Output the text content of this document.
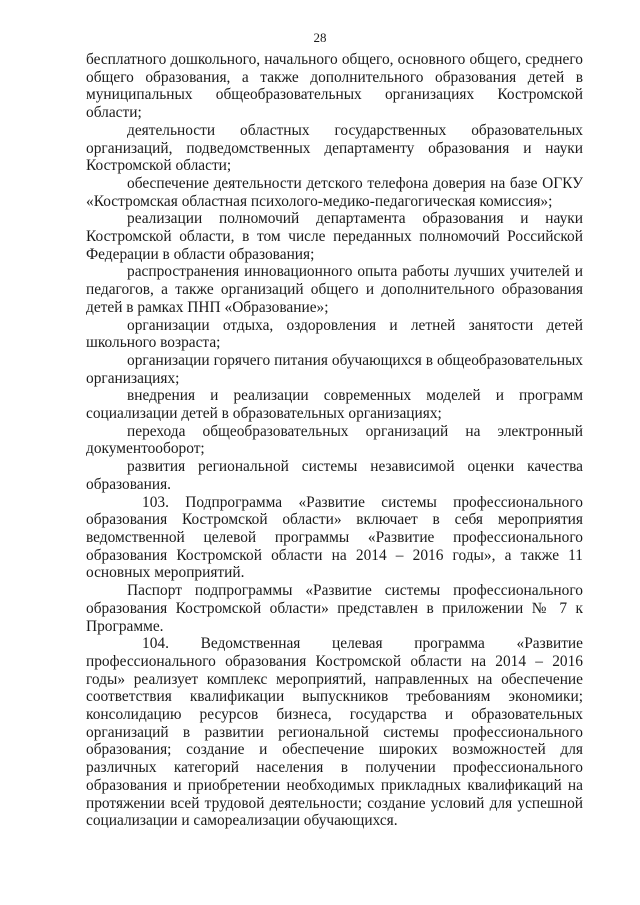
28

бесплатного дошкольного, начального общего, основного общего, среднего общего образования, а также дополнительного образования детей в муниципальных общеобразовательных организациях Костромской области;

деятельности областных государственных образовательных организаций, подведомственных департаменту образования и науки Костромской области;

обеспечение деятельности детского телефона доверия на базе ОГКУ «Костромская областная психолого-медико-педагогическая комиссия»;

реализации полномочий департамента образования и науки Костромской области, в том числе переданных полномочий Российской Федерации в области образования;

распространения инновационного опыта работы лучших учителей и педагогов, а также организаций общего и дополнительного образования детей в рамках ПНП «Образование»;

организации отдыха, оздоровления и летней занятости детей школьного возраста;

организации горячего питания обучающихся в общеобразовательных организациях;

внедрения и реализации современных моделей и программ социализации детей в образовательных организациях;

перехода общеобразовательных организаций на электронный документооборот;

развития региональной системы независимой оценки качества образования.

103. Подпрограмма «Развитие системы профессионального образования Костромской области» включает в себя мероприятия ведомственной целевой программы «Развитие профессионального образования Костромской области на 2014 – 2016 годы», а также 11 основных мероприятий.

Паспорт подпрограммы «Развитие системы профессионального образования Костромской области» представлен в приложении № 7 к Программе.

104. Ведомственная целевая программа «Развитие профессионального образования Костромской области на 2014 – 2016 годы» реализует комплекс мероприятий, направленных на обеспечение соответствия квалификации выпускников требованиям экономики; консолидацию ресурсов бизнеса, государства и образовательных организаций в развитии региональной системы профессионального образования; создание и обеспечение широких возможностей для различных категорий населения в получении профессионального образования и приобретении необходимых прикладных квалификаций на протяжении всей трудовой деятельности; создание условий для успешной социализации и самореализации обучающихся.
